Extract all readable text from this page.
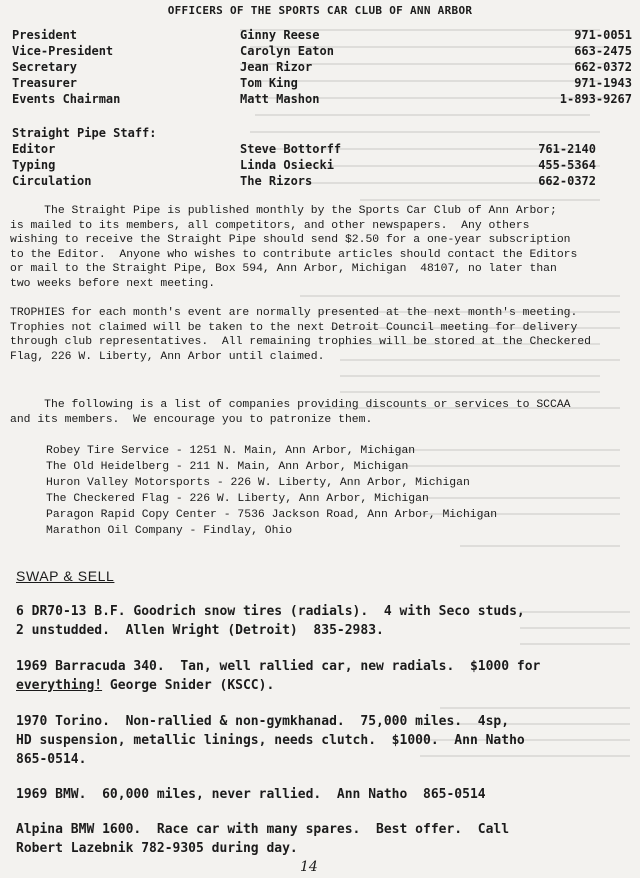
OFFICERS OF THE SPORTS CAR CLUB OF ANN ARBOR
President	Ginny Reese	971-0051
Vice-President	Carolyn Eaton	663-2475
Secretary	Jean Rizor	662-0372
Treasurer	Tom King	971-1943
Events Chairman	Matt Mashon	1-893-9267
Straight Pipe Staff:
Editor	Steve Bottorff	761-2140
Typing	Linda Osiecki	455-5364
Circulation	The Rizors	662-0372
The Straight Pipe is published monthly by the Sports Car Club of Ann Arbor;
is mailed to its members, all competitors, and other newspapers.  Any others
wishing to receive the Straight Pipe should send $2.50 for a one-year subscription
to the Editor.  Anyone who wishes to contribute articles should contact the Editors
or mail to the Straight Pipe, Box 594, Ann Arbor, Michigan  48107, no later than
two weeks before next meeting.
TROPHIES for each month's event are normally presented at the next month's meeting.
Trophies not claimed will be taken to the next Detroit Council meeting for delivery
through club representatives.  All remaining trophies will be stored at the Checkered
Flag, 226 W. Liberty, Ann Arbor until claimed.
The following is a list of companies providing discounts or services to SCCAA
and its members.  We encourage you to patronize them.
Robey Tire Service - 1251 N. Main, Ann Arbor, Michigan
The Old Heidelberg - 211 N. Main, Ann Arbor, Michigan
Huron Valley Motorsports - 226 W. Liberty, Ann Arbor, Michigan
The Checkered Flag - 226 W. Liberty, Ann Arbor, Michigan
Paragon Rapid Copy Center - 7536 Jackson Road, Ann Arbor, Michigan
Marathon Oil Company - Findlay, Ohio
SWAP & SELL
6 DR70-13 B.F. Goodrich snow tires (radials).  4 with Seco studs,
2 unstudded.  Allen Wright (Detroit)  835-2983.
1969 Barracuda 340.  Tan, well rallied car, new radials.  $1000 for
everything! George Snider (KSCC).
1970 Torino.  Non-rallied & non-gymkhanad.  75,000 miles.  4sp,
HD suspension, metallic linings, needs clutch.  $1000.  Ann Natho
865-0514.
1969 BMW.  60,000 miles, never rallied.  Ann Natho  865-0514
Alpina BMW 1600.  Race car with many spares.  Best offer.  Call
Robert Lazebnik 782-9305 during day.
14
